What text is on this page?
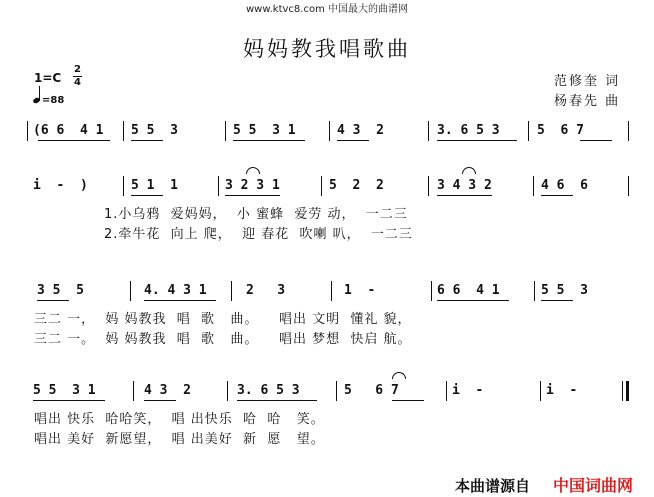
www.ktvc8.com 中国最大的曲谱网
妈妈教我唱歌曲
1=C
2
4
=88
范修奎 词
杨春先 曲
(6 6  4 1 5 5  3	5 5  3 1	4 3  2	3. 6 5 3	5  6 7
i  -  )	5 1  1	3 2 3 1	5  2  2	3 4 3 2	4 6  6
1.小乌鸦  爱妈妈，  小 蜜蜂  爱劳 动，  一二三
2.牵牛花  向上 爬，  迎 春花  吹喇 叭，  一二三
3 5  5	4. 4 3 1	2   3	1  -	6 6  4 1	5 5  3
三二 一，  妈 妈教我  唱  歌   曲。    唱出 文明  懂礼 貌，
三二 一。  妈 妈教我  唱  歌   曲。    唱出 梦想  快启 航。
5 5  3 1	4 3  2	3. 6 5 3	5   6 7	i  -	i  -
唱出 快乐  哈哈笑，  唱 出快乐  哈  哈   笑。
唱出 美好  新愿望，  唱 出美好  新  愿   望。
本曲谱源自 中国词曲网
